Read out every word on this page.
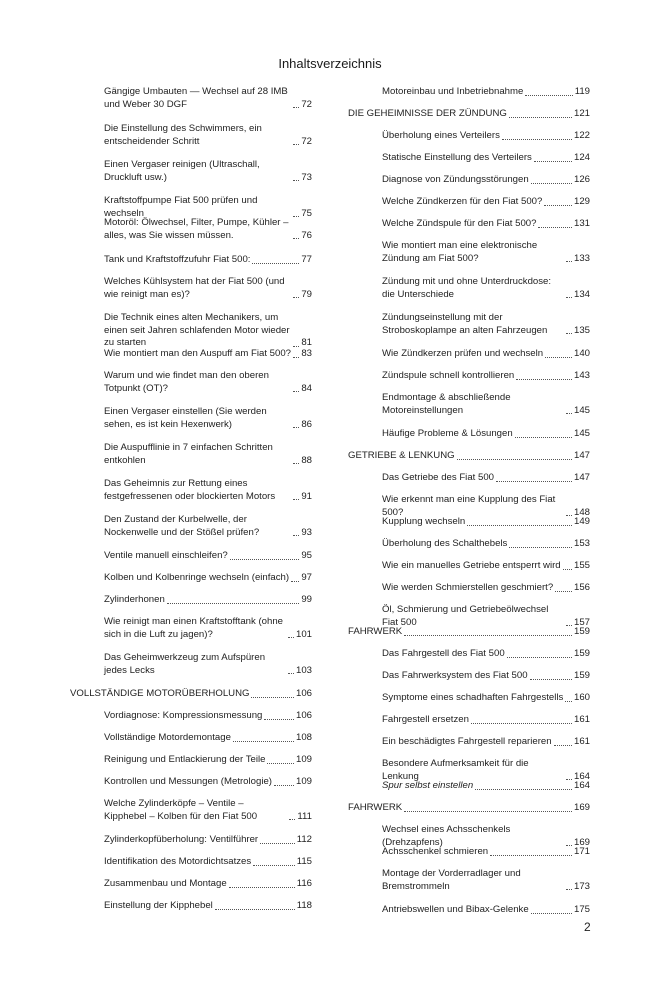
Inhaltsverzeichnis
Gängige Umbauten — Wechsel auf 28 IMB und Weber 30 DGF	72
Die Einstellung des Schwimmers, ein entscheidender Schritt	72
Einen Vergaser reinigen (Ultraschall, Druckluft usw.)	73
Kraftstoffpumpe Fiat 500 prüfen und wechseln	75
Motoröl: Ölwechsel, Filter, Pumpe, Kühler – alles, was Sie wissen müssen.	76
Tank und Kraftstoffzufuhr Fiat 500:	77
Welches Kühlsystem hat der Fiat 500 (und wie reinigt man es)?	79
Die Technik eines alten Mechanikers, um einen seit Jahren schlafenden Motor wieder zu starten	81
Wie montiert man den Auspuff am Fiat 500? 83
Warum und wie findet man den oberen Totpunkt (OT)?	84
Einen Vergaser einstellen (Sie werden sehen, es ist kein Hexenwerk)	86
Die Auspufflinie in 7 einfachen Schritten entkohlen	88
Das Geheimnis zur Rettung eines festgefressenen oder blockierten Motors	91
Den Zustand der Kurbelwelle, der Nockenwelle und der Stößel prüfen?	93
Ventile manuell einschleifen?	95
Kolben und Kolbenringe wechseln (einfach) 97
Zylinderhonen	99
Wie reinigt man einen Kraftstofftank (ohne sich in die Luft zu jagen)?	101
Das Geheimwerkzeug zum Aufspüren jedes Lecks	103
VOLLSTÄNDIGE MOTORÜBERHOLUNG	106
Vordiagnose: Kompressionsmessung	106
Vollständige Motordemontage	108
Reinigung und Entlackierung der Teile	109
Kontrollen und Messungen (Metrologie)	109
Welche Zylinderköpfe – Ventile – Kipphebel – Kolben für den Fiat 500	111
Zylinderkopfüberholung: Ventilführer	112
Identifikation des Motordichtsatzes	115
Zusammenbau und Montage	116
Einstellung der Kipphebel	118
Motoreinbau und Inbetriebnahme	119
DIE GEHEIMNISSE DER ZÜNDUNG	121
Überholung eines Verteilers	122
Statische Einstellung des Verteilers	124
Diagnose von Zündungsstörungen	126
Welche Zündkerzen für den Fiat 500?	129
Welche Zündspule für den Fiat 500?	131
Wie montiert man eine elektronische Zündung am Fiat 500?	133
Zündung mit und ohne Unterdruckdose: die Unterschiede	134
Zündungseinstellung mit der Stroboskoplampe an alten Fahrzeugen	135
Wie Zündkerzen prüfen und wechseln	140
Zündspule schnell kontrollieren	143
Endmontage & abschließende Motoreinstellungen	145
Häufige Probleme & Lösungen	145
GETRIEBE & LENKUNG	147
Das Getriebe des Fiat 500	147
Wie erkennt man eine Kupplung des Fiat 500?	148
Kupplung wechseln	149
Überholung des Schalthebels	153
Wie ein manuelles Getriebe entsperrt wird 155
Wie werden Schmierstellen geschmiert? 156
Öl, Schmierung und Getriebeölwechsel Fiat 500	157
FAHRWERK	159
Das Fahrgestell des Fiat 500	159
Das Fahrwerksystem des Fiat 500	159
Symptome eines schadhaften Fahrgestells 160
Fahrgestell ersetzen	161
Ein beschädigtes Fahrgestell reparieren 161
Besondere Aufmerksamkeit für die Lenkung	164
Spur selbst einstellen	164
FAHRWERK	169
Wechsel eines Achsschenkels (Drehzapfens)	169
Achsschenkel schmieren	171
Montage der Vorderradlager und Bremstrommeln	173
Antriebswellen und Bibax-Gelenke	175
2
